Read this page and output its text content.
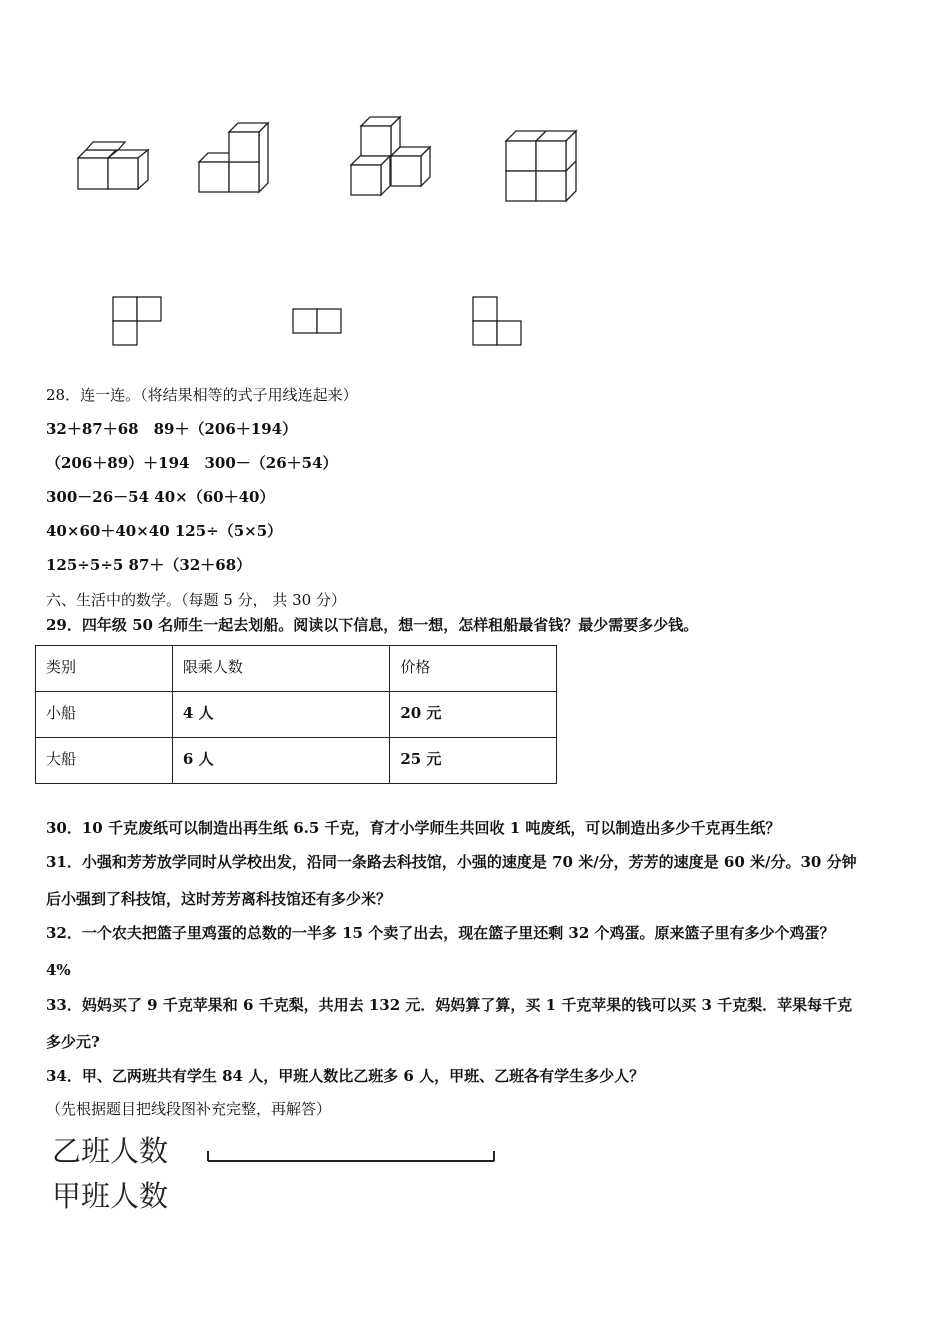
28．连一连。（将结果相等的式子用线连起来）
32＋87＋68　89＋（206＋194）
（206＋89）＋194　300－（26＋54）
300－26－54 40×（60＋40）
40×60＋40×40 125÷（5×5）
125÷5÷5 87＋（32＋68）
六、生活中的数学。（每题 5 分， 共 30 分）
29．四年级 50 名师生一起去划船。阅读以下信息，想一想，怎样租船最省钱？最少需要多少钱。
类别	限乘人数	价格
小船	4 人	20 元
大船	6 人	25 元
30．10 千克废纸可以制造出再生纸 6.5 千克，育才小学师生共回收 1 吨废纸，可以制造出多少千克再生纸？
31．小强和芳芳放学同时从学校出发，沿同一条路去科技馆，小强的速度是 70 米/分，芳芳的速度是 60 米/分。30 分钟
后小强到了科技馆，这时芳芳离科技馆还有多少米？
32．一个农夫把篮子里鸡蛋的总数的一半多 15 个卖了出去，现在篮子里还剩 32 个鸡蛋。原来篮子里有多少个鸡蛋？
4%
33．妈妈买了 9 千克苹果和 6 千克梨，共用去 132 元．妈妈算了算，买 1 千克苹果的钱可以买 3 千克梨．苹果每千克
多少元?
34．甲、乙两班共有学生 84 人，甲班人数比乙班多 6 人，甲班、乙班各有学生多少人？
（先根据题目把线段图补充完整，再解答）
乙班人数
甲班人数
